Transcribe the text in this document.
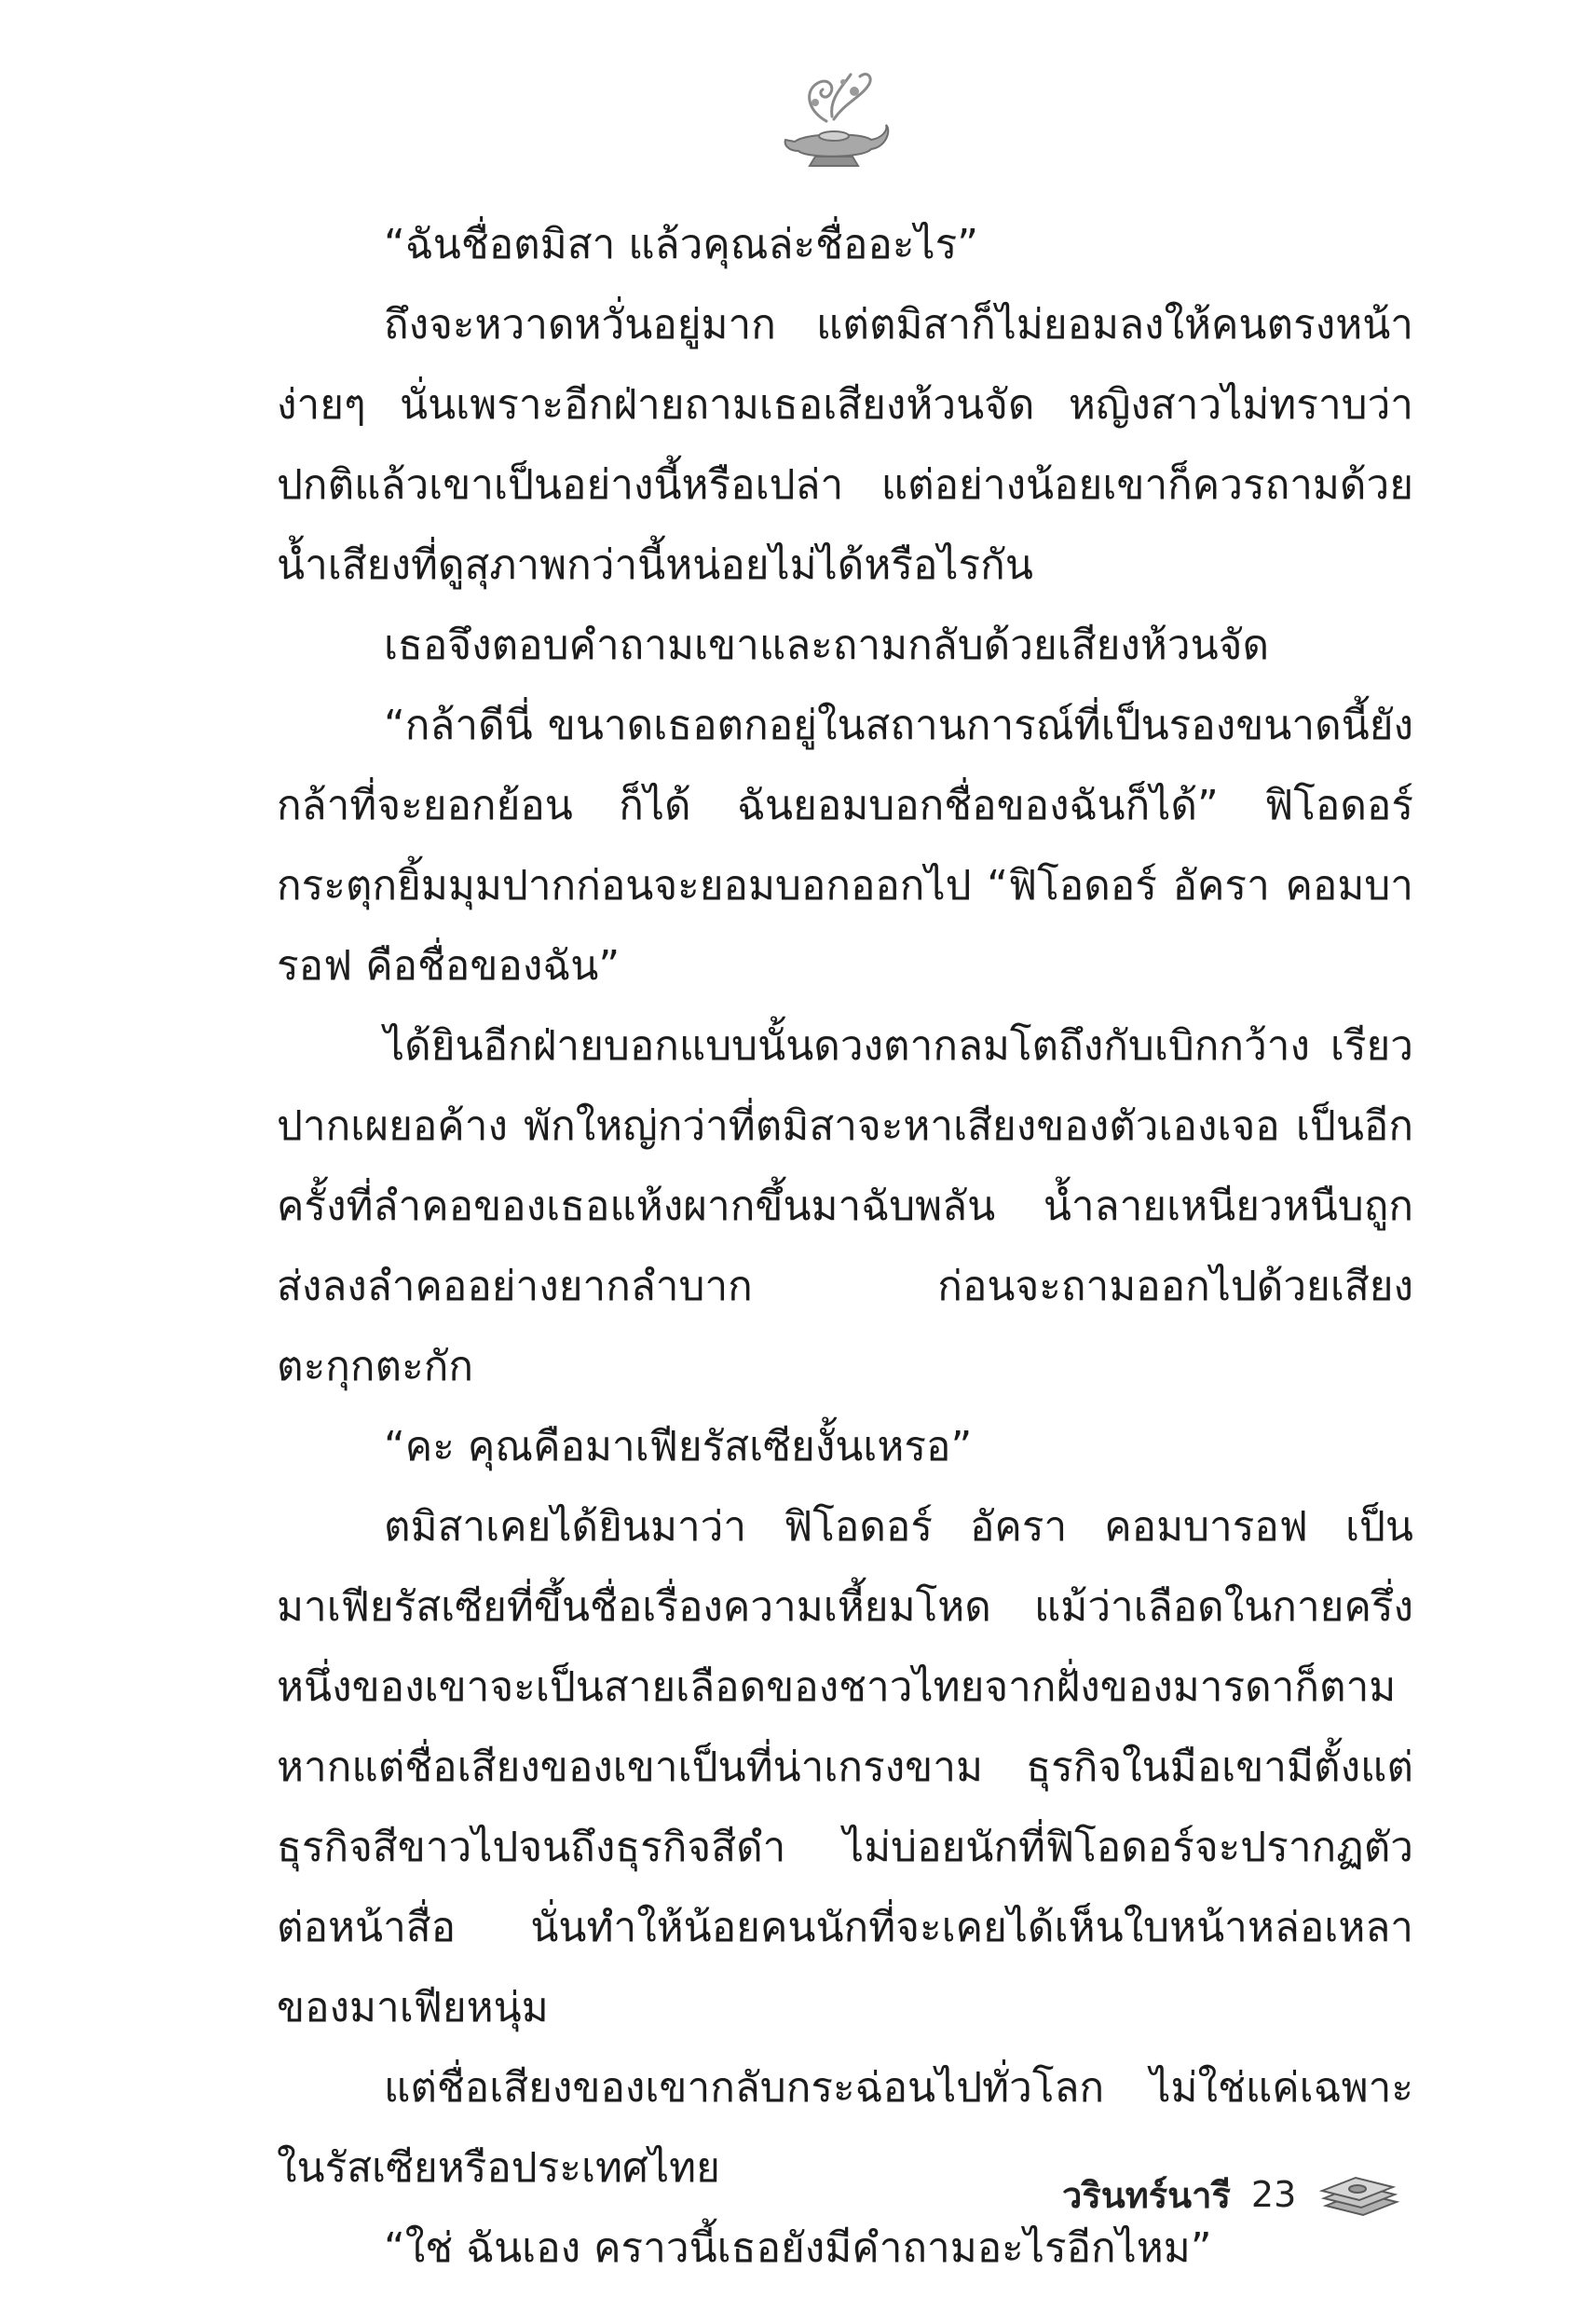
“ฉันชื่อตมิสา แล้วคุณล่ะชื่ออะไร”

ถึงจะหวาดหวั่นอยู่มาก แต่ตมิสาก็ไม่ยอมลงให้คนตรงหน้าง่ายๆ นั่นเพราะอีกฝ่ายถามเธอเสียงห้วนจัด หญิงสาวไม่ทราบว่าปกติแล้วเขาเป็นอย่างนี้หรือเปล่า แต่อย่างน้อยเขาก็ควรถามด้วยน้ำเสียงที่ดูสุภาพกว่านี้หน่อยไม่ได้หรือไรกัน

เธอจึงตอบคำถามเขาและถามกลับด้วยเสียงห้วนจัด

“กล้าดีนี่ ขนาดเธอตกอยู่ในสถานการณ์ที่เป็นรองขนาดนี้ยังกล้าที่จะยอกย้อน ก็ได้ ฉันยอมบอกชื่อของฉันก็ได้” ฟิโอดอร์กระตุกยิ้มมุมปากก่อนจะยอมบอกออกไป “ฟิโอดอร์ อัครา คอมบารอฟ คือชื่อของฉัน”

ได้ยินอีกฝ่ายบอกแบบนั้นดวงตากลมโตถึงกับเบิกกว้าง เรียวปากเผยอค้าง พักใหญ่กว่าที่ตมิสาจะหาเสียงของตัวเองเจอ เป็นอีกครั้งที่ลำคอของเธอแห้งผากขึ้นมาฉับพลัน น้ำลายเหนียวหนืบถูกส่งลงลำคออย่างยากลำบาก ก่อนจะถามออกไปด้วยเสียงตะกุกตะกัก

“คะ คุณคือมาเฟียรัสเซียงั้นเหรอ”

ตมิสาเคยได้ยินมาว่า ฟิโอดอร์ อัครา คอมบารอฟ เป็นมาเฟียรัสเซียที่ขึ้นชื่อเรื่องความเหี้ยมโหด แม้ว่าเลือดในกายครึ่งหนึ่งของเขาจะเป็นสายเลือดของชาวไทยจากฝั่งของมารดาก็ตาม หากแต่ชื่อเสียงของเขาเป็นที่น่าเกรงขาม ธุรกิจในมือเขามีตั้งแต่ธุรกิจสีขาวไปจนถึงธุรกิจสีดำ ไม่บ่อยนักที่ฟิโอดอร์จะปรากฏตัวต่อหน้าสื่อ นั่นทำให้น้อยคนนักที่จะเคยได้เห็นใบหน้าหล่อเหลาของมาเฟียหนุ่ม

แต่ชื่อเสียงของเขากลับกระฉ่อนไปทั่วโลก ไม่ใช่แค่เฉพาะในรัสเซียหรือประเทศไทย

“ใช่ ฉันเอง คราวนี้เธอยังมีคำถามอะไรอีกไหม”

วรินทร์นารี 23
